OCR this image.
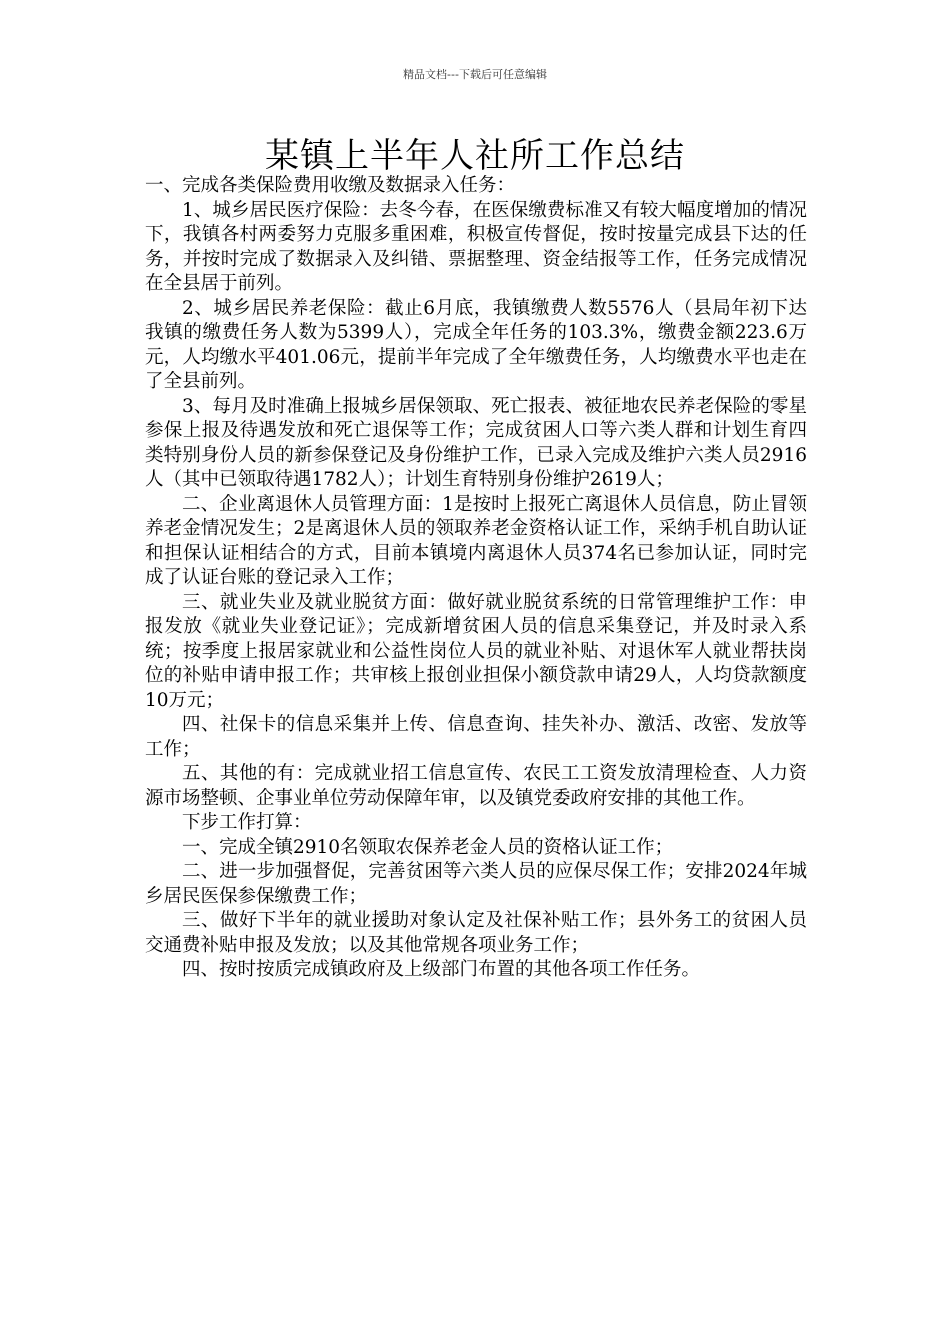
精品文档---下载后可任意编辑
某镇上半年人社所工作总结

一、完成各类保险费用收缴及数据录入任务：

1、城乡居民医疗保险：去冬今春，在医保缴费标准又有较大幅度增加的情况下，我镇各村两委努力克服多重困难，积极宣传督促，按时按量完成县下达的任务，并按时完成了数据录入及纠错、票据整理、资金结报等工作，任务完成情况在全县居于前列。

2、城乡居民养老保险：截止6月底，我镇缴费人数5576人（县局年初下达我镇的缴费任务人数为5399人），完成全年任务的103.3%，缴费金额223.6万元，人均缴水平401.06元，提前半年完成了全年缴费任务，人均缴费水平也走在了全县前列。

3、每月及时准确上报城乡居保领取、死亡报表、被征地农民养老保险的零星参保上报及待遇发放和死亡退保等工作；完成贫困人口等六类人群和计划生育四类特别身份人员的新参保登记及身份维护工作，已录入完成及维护六类人员2916人（其中已领取待遇1782人）；计划生育特别身份维护2619人；

二、企业离退休人员管理方面：1是按时上报死亡离退休人员信息，防止冒领养老金情况发生；2是离退休人员的领取养老金资格认证工作，采纳手机自助认证和担保认证相结合的方式，目前本镇境内离退休人员374名已参加认证，同时完成了认证台账的登记录入工作；

三、就业失业及就业脱贫方面：做好就业脱贫系统的日常管理维护工作：申报发放《就业失业登记证》；完成新增贫困人员的信息采集登记，并及时录入系统；按季度上报居家就业和公益性岗位人员的就业补贴、对退休军人就业帮扶岗位的补贴申请申报工作；共审核上报创业担保小额贷款申请29人，人均贷款额度10万元；

四、社保卡的信息采集并上传、信息查询、挂失补办、激活、改密、发放等工作；

五、其他的有：完成就业招工信息宣传、农民工工资发放清理检查、人力资源市场整顿、企事业单位劳动保障年审，以及镇党委政府安排的其他工作。

下步工作打算：

一、完成全镇2910名领取农保养老金人员的资格认证工作；

二、进一步加强督促，完善贫困等六类人员的应保尽保工作；安排2024年城乡居民医保参保缴费工作；

三、做好下半年的就业援助对象认定及社保补贴工作；县外务工的贫困人员交通费补贴申报及发放；以及其他常规各项业务工作；

四、按时按质完成镇政府及上级部门布置的其他各项工作任务。
